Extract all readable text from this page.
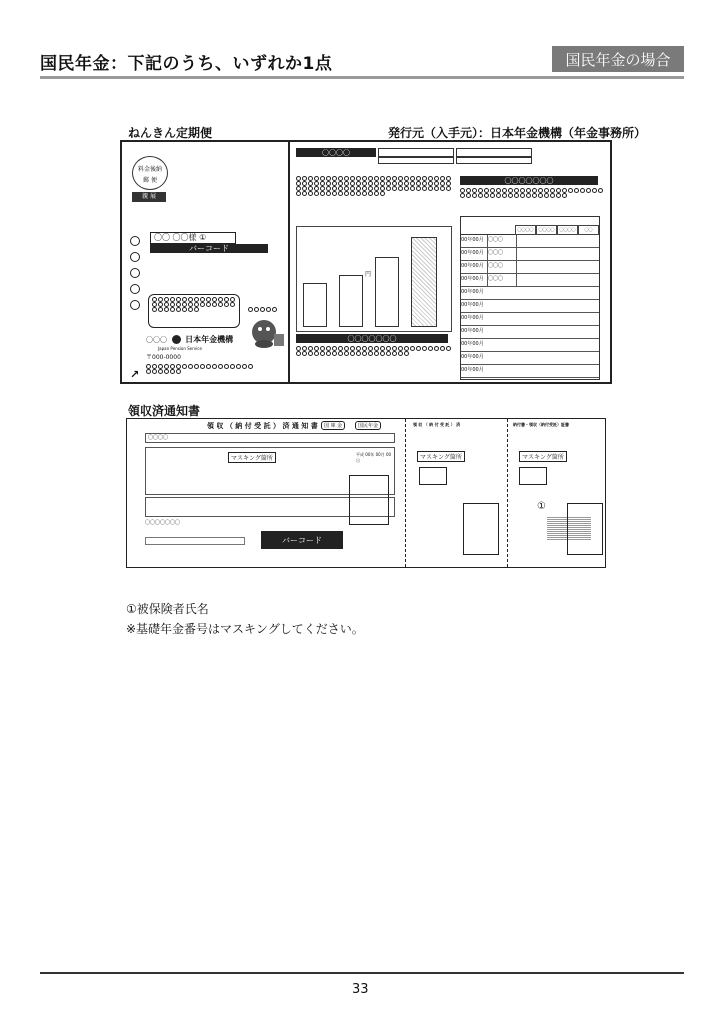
国民年金：下記のうち、いずれか1点	国民年金の場合
ねんきん定期便	発行元（入手元）：日本年金機構（年金事務所）
料金後納
郵 便
親 展
〇〇 〇〇様 ①
バーコード
〇〇〇 日本年金機構
Japan Pension Service
〒000-0000
↗
〇〇〇〇
円
〇〇〇〇〇〇〇
〇〇〇〇〇〇〇
〇〇〇〇	〇〇〇〇	〇〇〇〇	〇〇
00年00月 〇〇〇
00年00月 〇〇〇
00年00月 〇〇〇
00年00月 〇〇〇
00年00月
00年00月
00年00月
00年00月
00年00月
00年00月
00年00月
領収済通知書
領 収 （ 納 付 受 託 ） 済 通 知 書	国 庫 金	国民年金
〇〇〇〇
マスキング箇所
平成 00年 00月 00日
〇〇〇〇〇〇〇
バーコード
領 収 （ 納 付 受 託 ） 済
マスキング箇所
納付書・領収（納付受託）証書
マスキング箇所
①
①被保険者氏名
※基礎年金番号はマスキングしてください。
33
